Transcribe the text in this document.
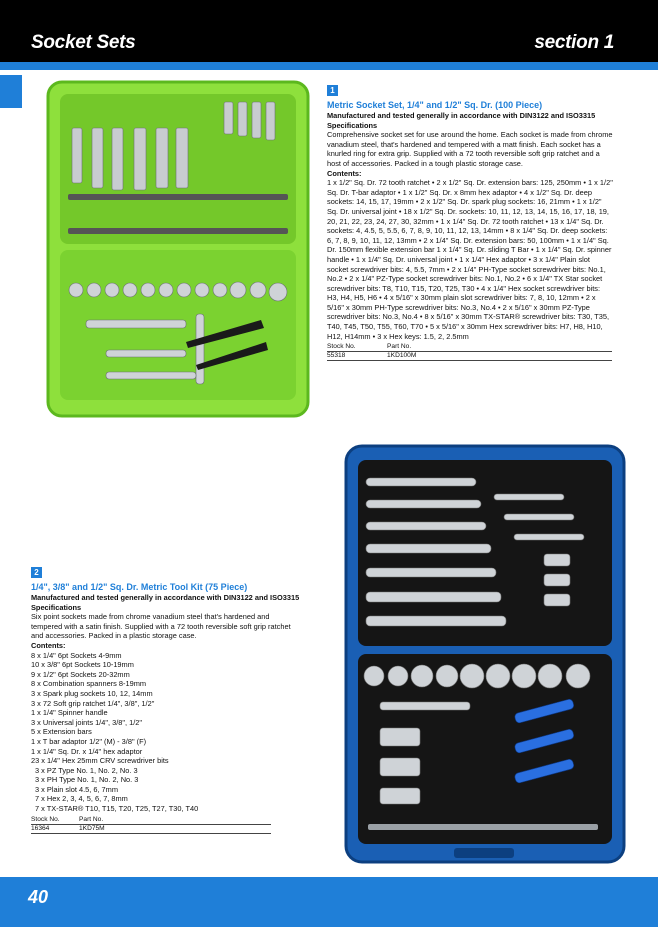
Socket Sets	section 1
1
Metric Socket Set, 1/4" and 1/2" Sq. Dr. (100 Piece)
Manufactured and tested generally in accordance with DIN3122 and ISO3315 Specifications

Comprehensive socket set for use around the home. Each socket is made from chrome vanadium steel, that's hardened and tempered with a matt finish. Each socket has a knurled ring for extra grip. Supplied with a 72 tooth reversible soft grip ratchet and a host of accessories. Packed in a tough plastic storage case.

Contents:

1 x 1/2" Sq. Dr. 72 tooth ratchet • 2 x 1/2" Sq. Dr. extension bars: 125, 250mm • 1 x 1/2" Sq. Dr. T-bar adaptor • 1 x 1/2" Sq. Dr. x 8mm hex adaptor • 4 x 1/2" Sq. Dr. deep sockets: 14, 15, 17, 19mm • 2 x 1/2" Sq. Dr. spark plug sockets: 16, 21mm • 1 x 1/2" Sq. Dr. universal joint • 18 x 1/2" Sq. Dr. sockets: 10, 11, 12, 13, 14, 15, 16, 17, 18, 19, 20, 21, 22, 23, 24, 27, 30, 32mm • 1 x 1/4" Sq. Dr. 72 tooth ratchet • 13 x 1/4" Sq. Dr. sockets: 4, 4.5, 5, 5.5, 6, 7, 8, 9, 10, 11, 12, 13, 14mm • 8 x 1/4" Sq. Dr. deep sockets: 6, 7, 8, 9, 10, 11, 12, 13mm • 2 x 1/4" Sq. Dr. extension bars: 50, 100mm • 1 x 1/4" Sq. Dr. 150mm flexible extension bar 1 x 1/4" Sq. Dr. sliding T Bar • 1 x 1/4" Sq. Dr. spinner handle • 1 x 1/4" Sq. Dr. universal joint • 1 x 1/4" Hex adaptor • 3 x 1/4" Plain slot socket screwdriver bits: 4, 5.5, 7mm • 2 x 1/4" PH-Type socket screwdriver bits: No.1, No.2 • 2 x 1/4" PZ-Type socket screwdriver bits: No.1, No.2 • 6 x 1/4" TX Star socket screwdriver bits: T8, T10, T15, T20, T25, T30 • 4 x 1/4" Hex socket screwdriver bits: H3, H4, H5, H6 • 4 x 5/16" x 30mm plain slot screwdriver bits: 7, 8, 10, 12mm • 2 x 5/16" x 30mm PH-Type screwdriver bits: No.3, No.4 • 2 x 5/16" x 30mm PZ-Type screwdriver bits: No.3, No.4 • 8 x 5/16" x 30mm TX-STAR® screwdriver bits: T30, T35, T40, T45, T50, T55, T60, T70 • 5 x 5/16" x 30mm Hex screwdriver bits: H7, H8, H10, H12, H14mm • 3 x Hex keys: 1.5, 2, 2.5mm

Stock No.	Part No.
55318	1KD100M
2
1/4", 3/8" and 1/2" Sq. Dr. Metric Tool Kit (75 Piece)
Manufactured and tested generally in accordance with DIN3122 and ISO3315 Specifications

Six point sockets made from chrome vanadium steel that's hardened and tempered with a satin finish. Supplied with a 72 tooth reversible soft grip ratchet and accessories. Packed in a plastic storage case.

Contents:
8 x 1/4" 6pt Sockets 4-9mm
10 x 3/8" 6pt Sockets 10-19mm
9 x 1/2" 6pt Sockets 20-32mm
8 x Combination spanners 8-19mm
3 x Spark plug sockets 10, 12, 14mm
3 x 72 Soft grip ratchet 1/4", 3/8", 1/2"
1 x 1/4" Spinner handle
3 x Universal joints 1/4", 3/8", 1/2"
5 x Extension bars
1 x T bar adaptor 1/2" (M) - 3/8" (F)
1 x 1/4" Sq. Dr. x 1/4" hex adaptor
23 x 1/4" Hex 25mm CRV screwdriver bits
3 x PZ Type No. 1, No. 2, No. 3
3 x PH Type No. 1, No. 2, No. 3
3 x Plain slot 4.5, 6, 7mm
7 x Hex 2, 3, 4, 5, 6, 7, 8mm
7 x TX-STAR® T10, T15, T20, T25, T27, T30, T40
Stock No.	Part No.
16364	1KD75M
40
